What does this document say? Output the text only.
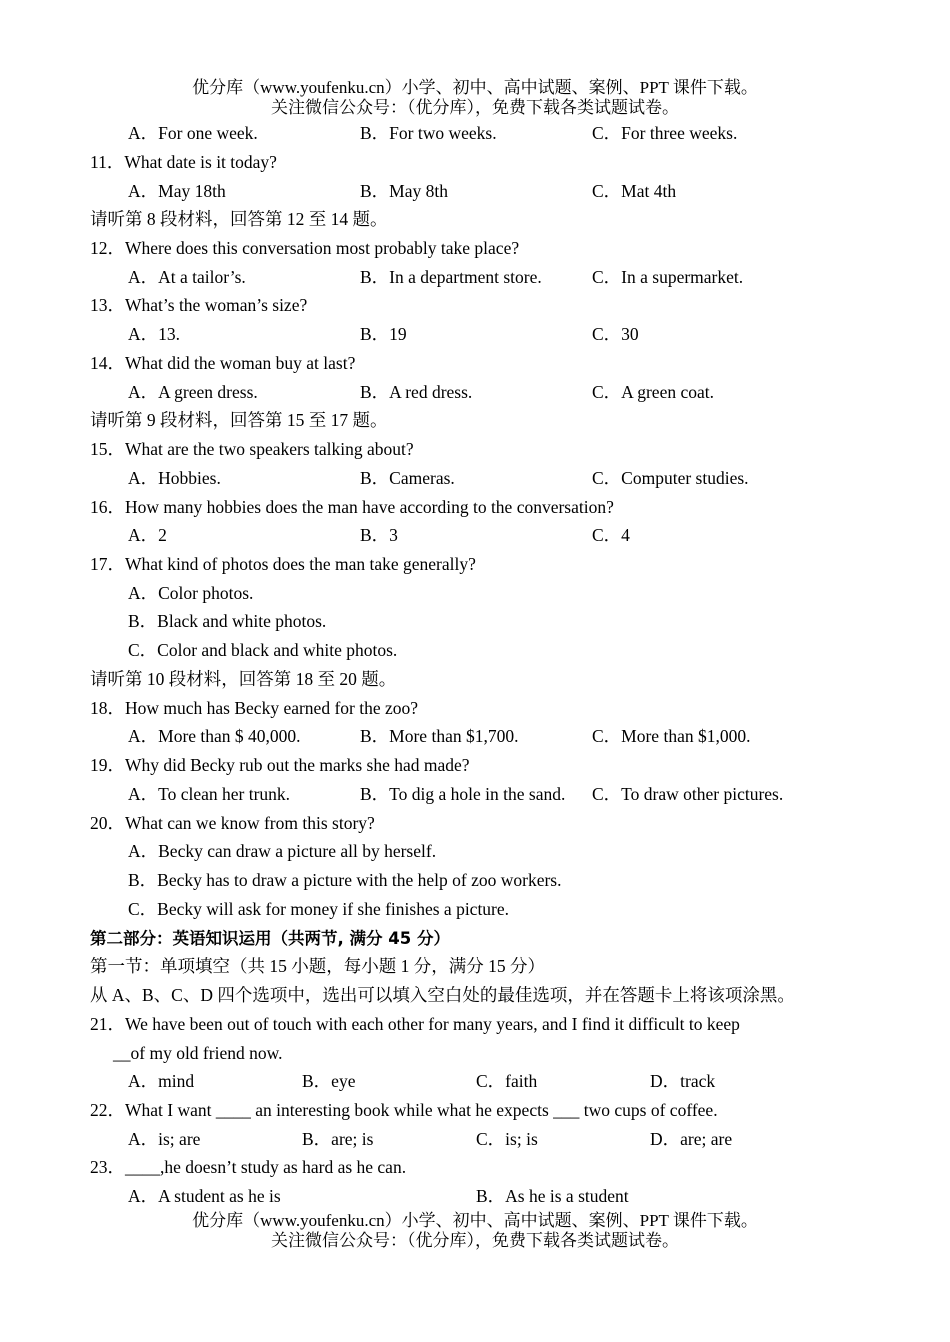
优分库（www.youfenku.cn）小学、初中、高中试题、案例、PPT 课件下载。
关注微信公众号：（优分库），免费下载各类试题试卷。
A．For one week.	B．For two weeks.	C．For three weeks.
11．What date is it today?
A．May 18th	B．May 8th	C．Mat 4th
请听第 8 段材料，回答第 12 至 14 题。
12．Where does this conversation most probably take place?
A．At a tailor’s.	B．In a department store.	C．In a supermarket.
13．What’s the woman’s size?
A．13.	B．19	C．30
14．What did the woman buy at last?
A．A green dress.	B．A red dress.	C．A green coat.
请听第 9 段材料，回答第 15 至 17 题。
15．What are the two speakers talking about?
A．Hobbies.	B．Cameras.	C．Computer studies.
16．How many hobbies does the man have according to the conversation?
A．2	B．3	C．4
17．What kind of photos does the man take generally?
A．Color photos.
B．Black and white photos.
C．Color and black and white photos.
请听第 10 段材料，回答第 18 至 20 题。
18．How much has Becky earned for the zoo?
A．More than $ 40,000.	B．More than $1,700.	C．More than $1,000.
19．Why did Becky rub out the marks she had made?
A．To clean her trunk.	B．To dig a hole in the sand. C．To draw other pictures.
20．What can we know from this story?
A．Becky can draw a picture all by herself.
B．Becky has to draw a picture with the help of zoo workers.
C．Becky will ask for money if she finishes a picture.
第二部分：英语知识运用（共两节, 满分 45 分）
第一节：单项填空（共 15 小题，每小题 1 分，满分 15 分）
从 A、B、C、D 四个选项中，选出可以填入空白处的最佳选项，并在答题卡上将该项涂黑。
21．We have been out of touch with each other for many years, and I find it difficult to keep
__of my old friend now.
A．mind	B．eye	C．faith	D．track
22．What I want ____ an interesting book while what he expects ___ two cups of coffee.
A．is; are	B．are; is	C．is; is	D．are; are
23．____,he doesn’t study as hard as he can.
A．A student as he is	B．As he is a student
优分库（www.youfenku.cn）小学、初中、高中试题、案例、PPT 课件下载。
关注微信公众号：（优分库），免费下载各类试题试卷。
